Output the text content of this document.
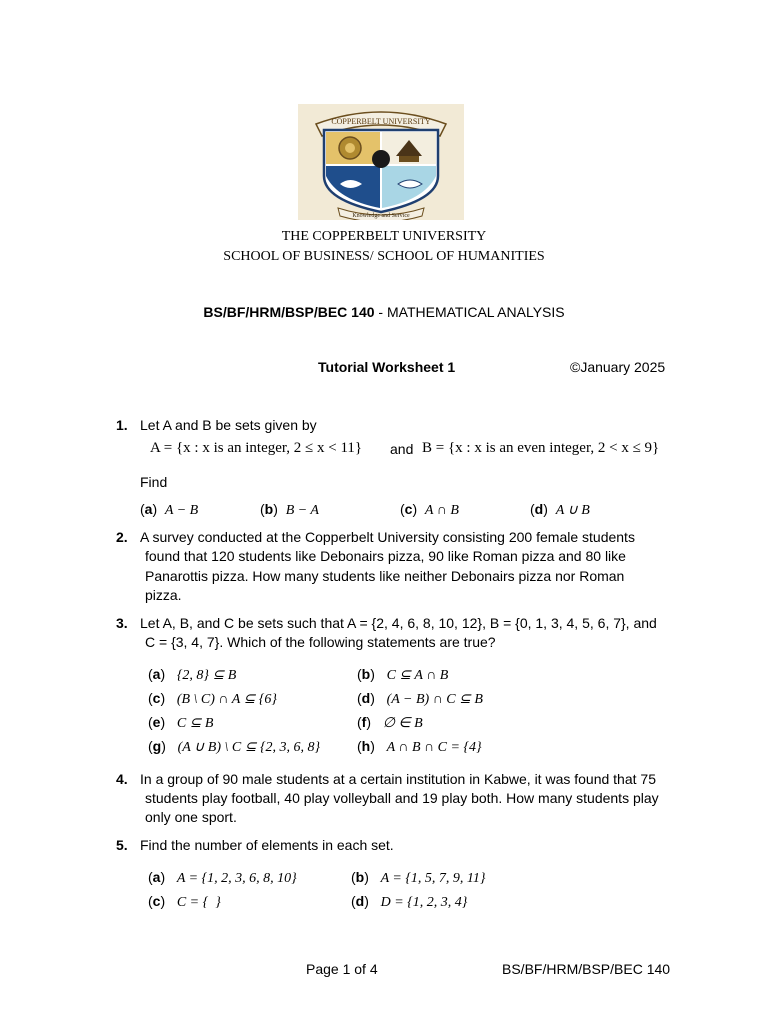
COPPERBELT UNIVERSITY
Knowledge and Service
THE COPPERBELT UNIVERSITY
SCHOOL OF BUSINESS/ SCHOOL OF HUMANITIES
BS/BF/HRM/BSP/BEC 140 - MATHEMATICAL ANALYSIS
Tutorial Worksheet 1	©January 2025
1. Let A and B be sets given by
A = {x : x is an integer, 2 ≤ x < 11} and B = {x : x is an even integer, 2 < x ≤ 9}
Find
(a)  A − B	(b)  B − A	(c)  A ∩ B	(d)  A ∪ B
2. A survey conducted at the Copperbelt University consisting 200 female students
found that 120 students like Debonairs pizza, 90 like Roman pizza and 80 like
Panarottis pizza. How many students like neither Debonairs pizza nor Roman
pizza.
3. Let A, B, and C be sets such that A = {2, 4, 6, 8, 10, 12}, B = {0, 1, 3, 4, 5, 6, 7}, and
C = {3, 4, 7}. Which of the following statements are true?
(a)   {2, 8} ⊆ B	(b)   C ⊆ A ∩ B
(c)   (B \ C) ∩ A ⊆ {6}	(d)   (A − B) ∩ C ⊆ B
(e)   C ⊆ B	(f)   ∅ ∈ B
(g)   (A ∪ B) \ C ⊆ {2, 3, 6, 8}	(h)   A ∩ B ∩ C = {4}
4. In a group of 90 male students at a certain institution in Kabwe, it was found that 75
students play football, 40 play volleyball and 19 play both. How many students play
only one sport.
5. Find the number of elements in each set.
(a)   A = {1, 2, 3, 6, 8, 10}	(b)   A = {1, 5, 7, 9, 11}
(c)   C = {  }	(d)   D = {1, 2, 3, 4}
Page 1 of 4	BS/BF/HRM/BSP/BEC 140
